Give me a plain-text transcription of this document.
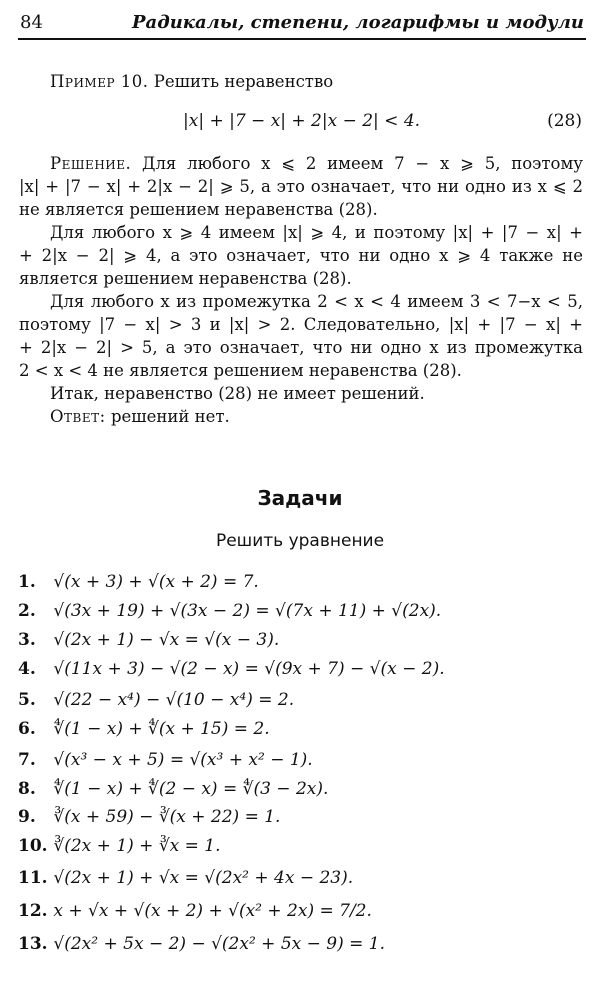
84	Радикалы, степени, логарифмы и модули
Пример 10. Решить неравенство
|x| + |7 − x| + 2|x − 2| < 4.	(28)
Решение. Для любого x ⩽ 2 имеем 7 − x ⩾ 5, поэтому
|x| + |7 − x| + 2|x − 2| ⩾ 5, а это означает, что ни одно из x ⩽ 2
не является решением неравенства (28).
Для любого x ⩾ 4 имеем |x| ⩾ 4, и поэтому |x| + |7 − x| +
+ 2|x − 2| ⩾ 4, а это означает, что ни одно x ⩾ 4 также не
является решением неравенства (28).
Для любого x из промежутка 2 < x < 4 имеем 3 < 7−x < 5,
поэтому |7 − x| > 3 и |x| > 2. Следовательно, |x| + |7 − x| +
+ 2|x − 2| > 5, а это означает, что ни одно x из промежутка
2 < x < 4 не является решением неравенства (28).
Итак, неравенство (28) не имеет решений.
Ответ: решений нет.
Задачи
Решить уравнение
1. √(x + 3) + √(x + 2) = 7.
2. √(3x + 19) + √(3x − 2) = √(7x + 11) + √(2x).
3. √(2x + 1) − √x = √(x − 3).
4. √(11x + 3) − √(2 − x) = √(9x + 7) − √(x − 2).
5. √(22 − x⁴) − √(10 − x⁴) = 2.
6. ∜(1 − x) + ∜(x + 15) = 2.
7. √(x³ − x + 5) = √(x³ + x² − 1).
8. ∜(1 − x) + ∜(2 − x) = ∜(3 − 2x).
9. ∛(x + 59) − ∛(x + 22) = 1.
10. ∛(2x + 1) + ∛x = 1.
11. √(2x + 1) + √x = √(2x² + 4x − 23).
12. x + √x + √(x + 2) + √(x² + 2x) = 7/2.
13. √(2x² + 5x − 2) − √(2x² + 5x − 9) = 1.
